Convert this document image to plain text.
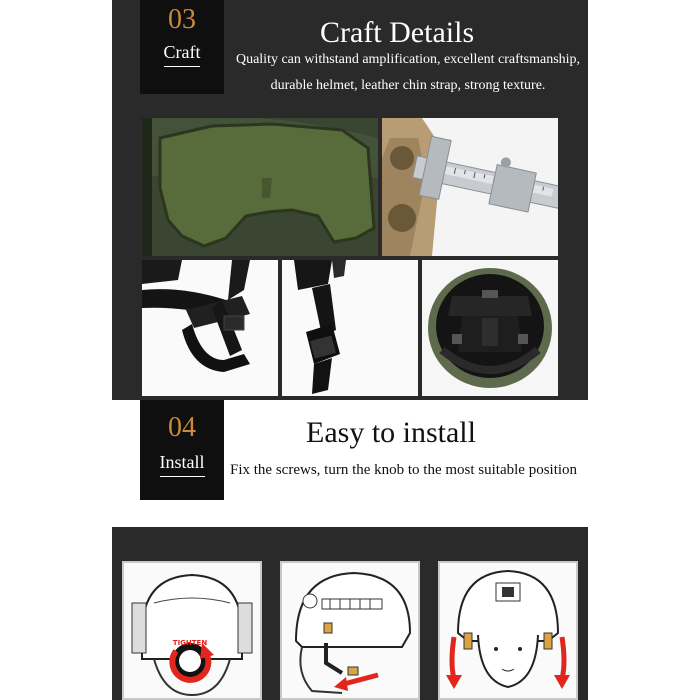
03
Craft
Craft Details
Quality can withstand amplification, excellent craftsmanship,
durable helmet, leather chin strap, strong texture.
04
Install
Easy to install
Fix the screws, turn the knob to the most suitable position
TIGHTEN
